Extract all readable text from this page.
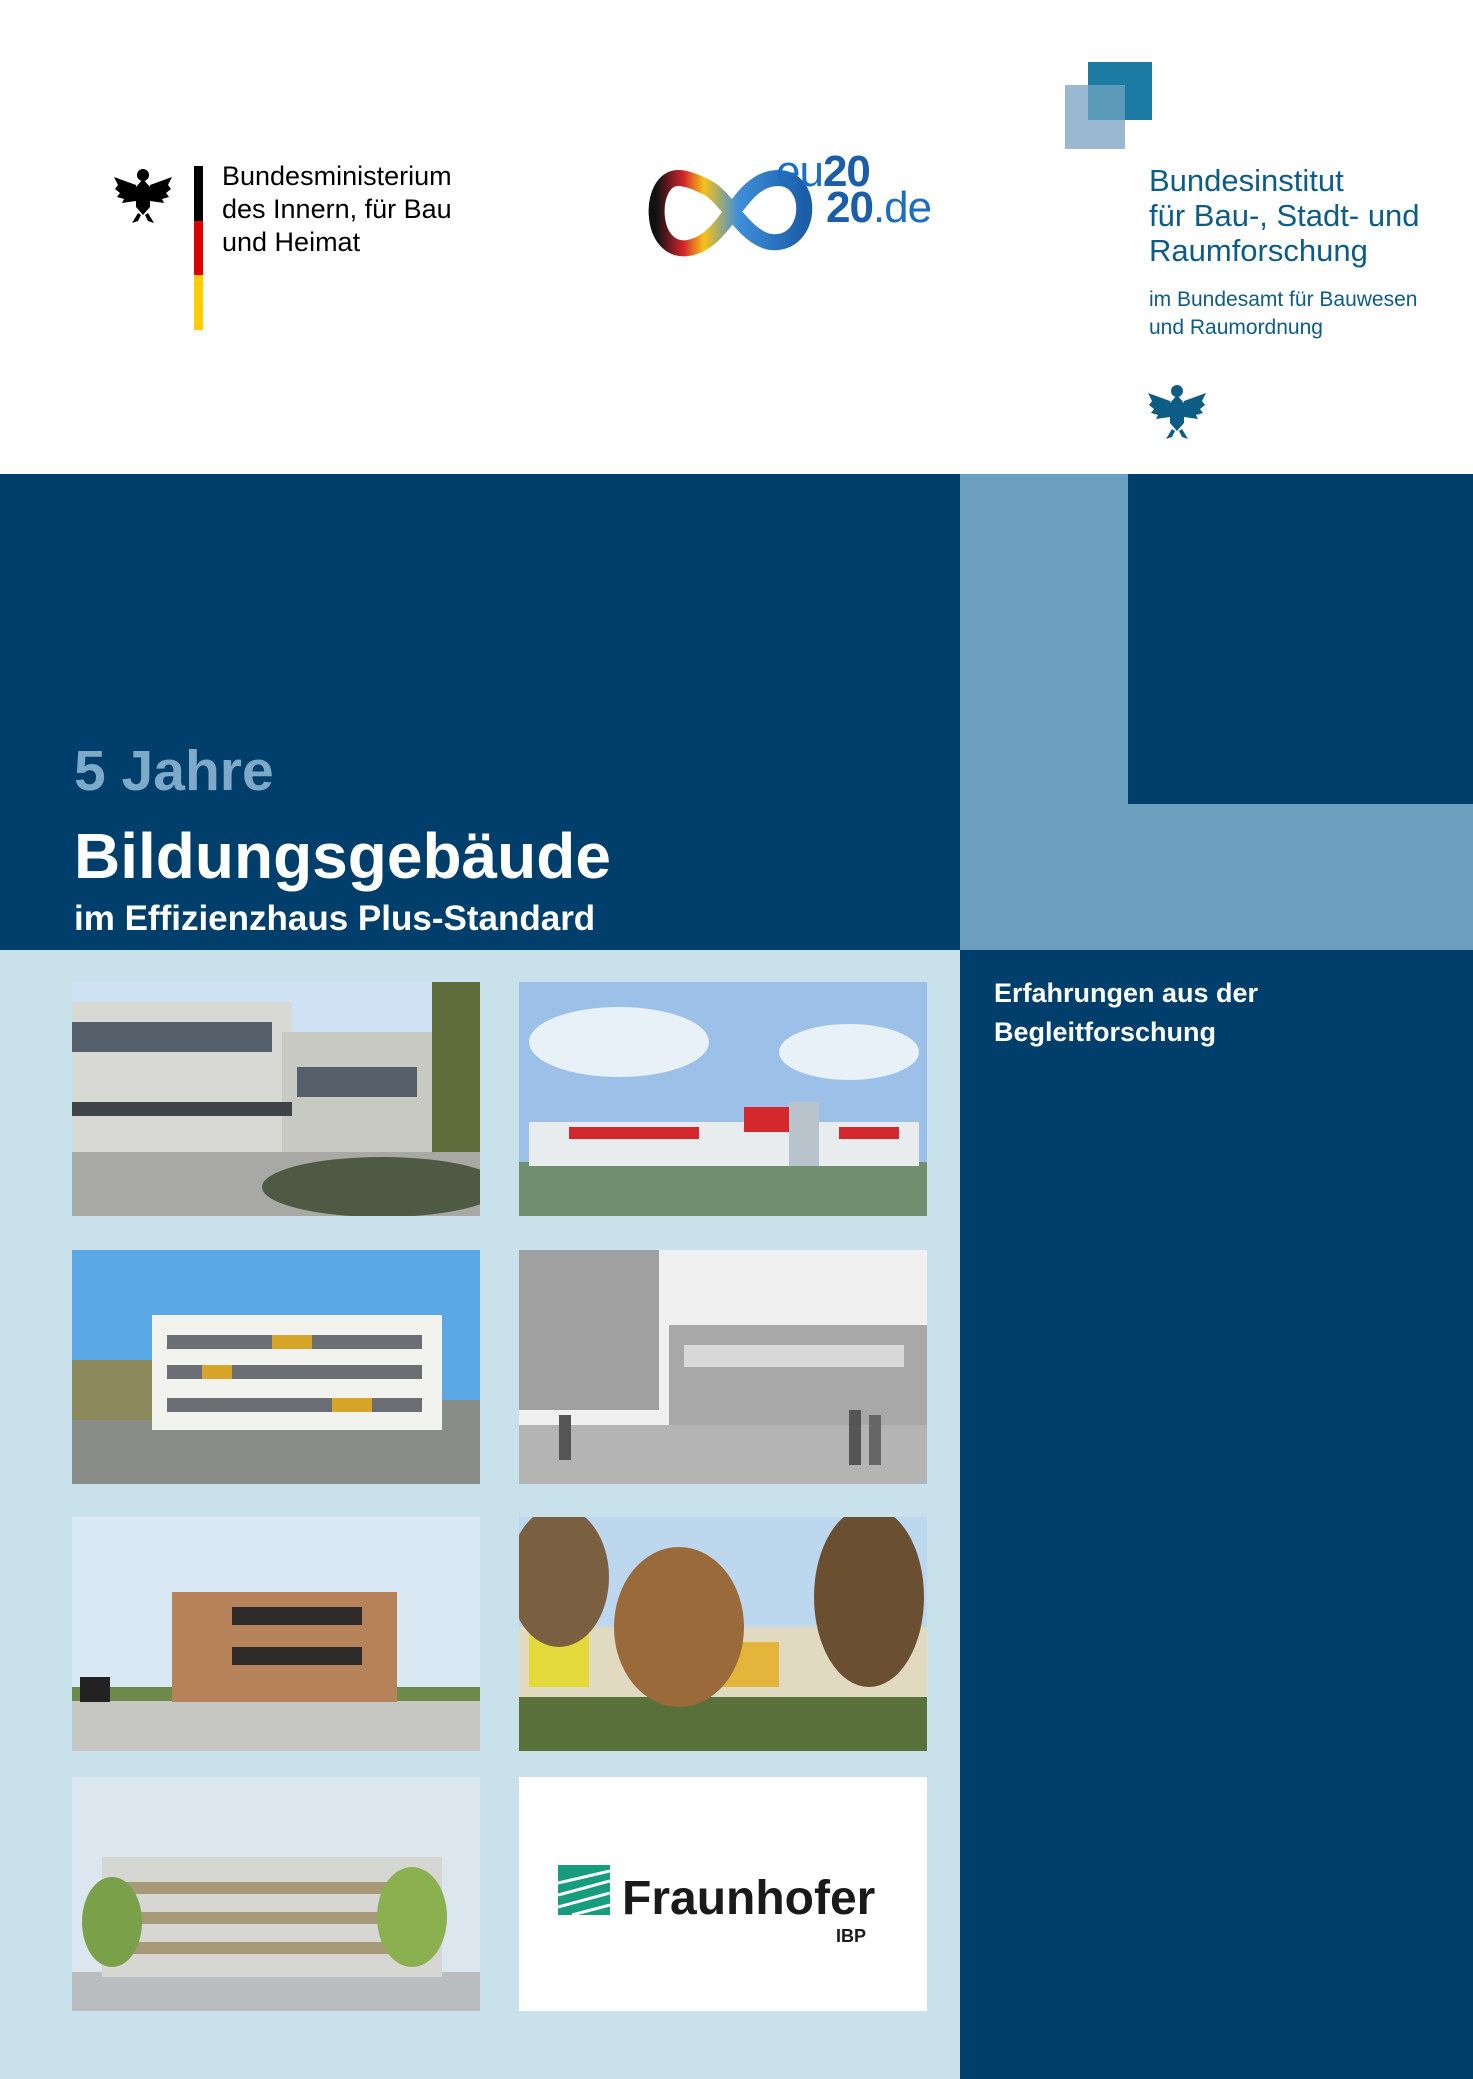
Bundesministerium
des Innern, für Bau
und Heimat
eu20
20.de
Bundesinstitut
für Bau-, Stadt- und
Raumforschung
im Bundesamt für Bauwesen
und Raumordnung
5 Jahre
Bildungsgebäude
im Effizienzhaus Plus-Standard
Erfahrungen aus der
Begleitforschung
Fraunhofer
IBP
